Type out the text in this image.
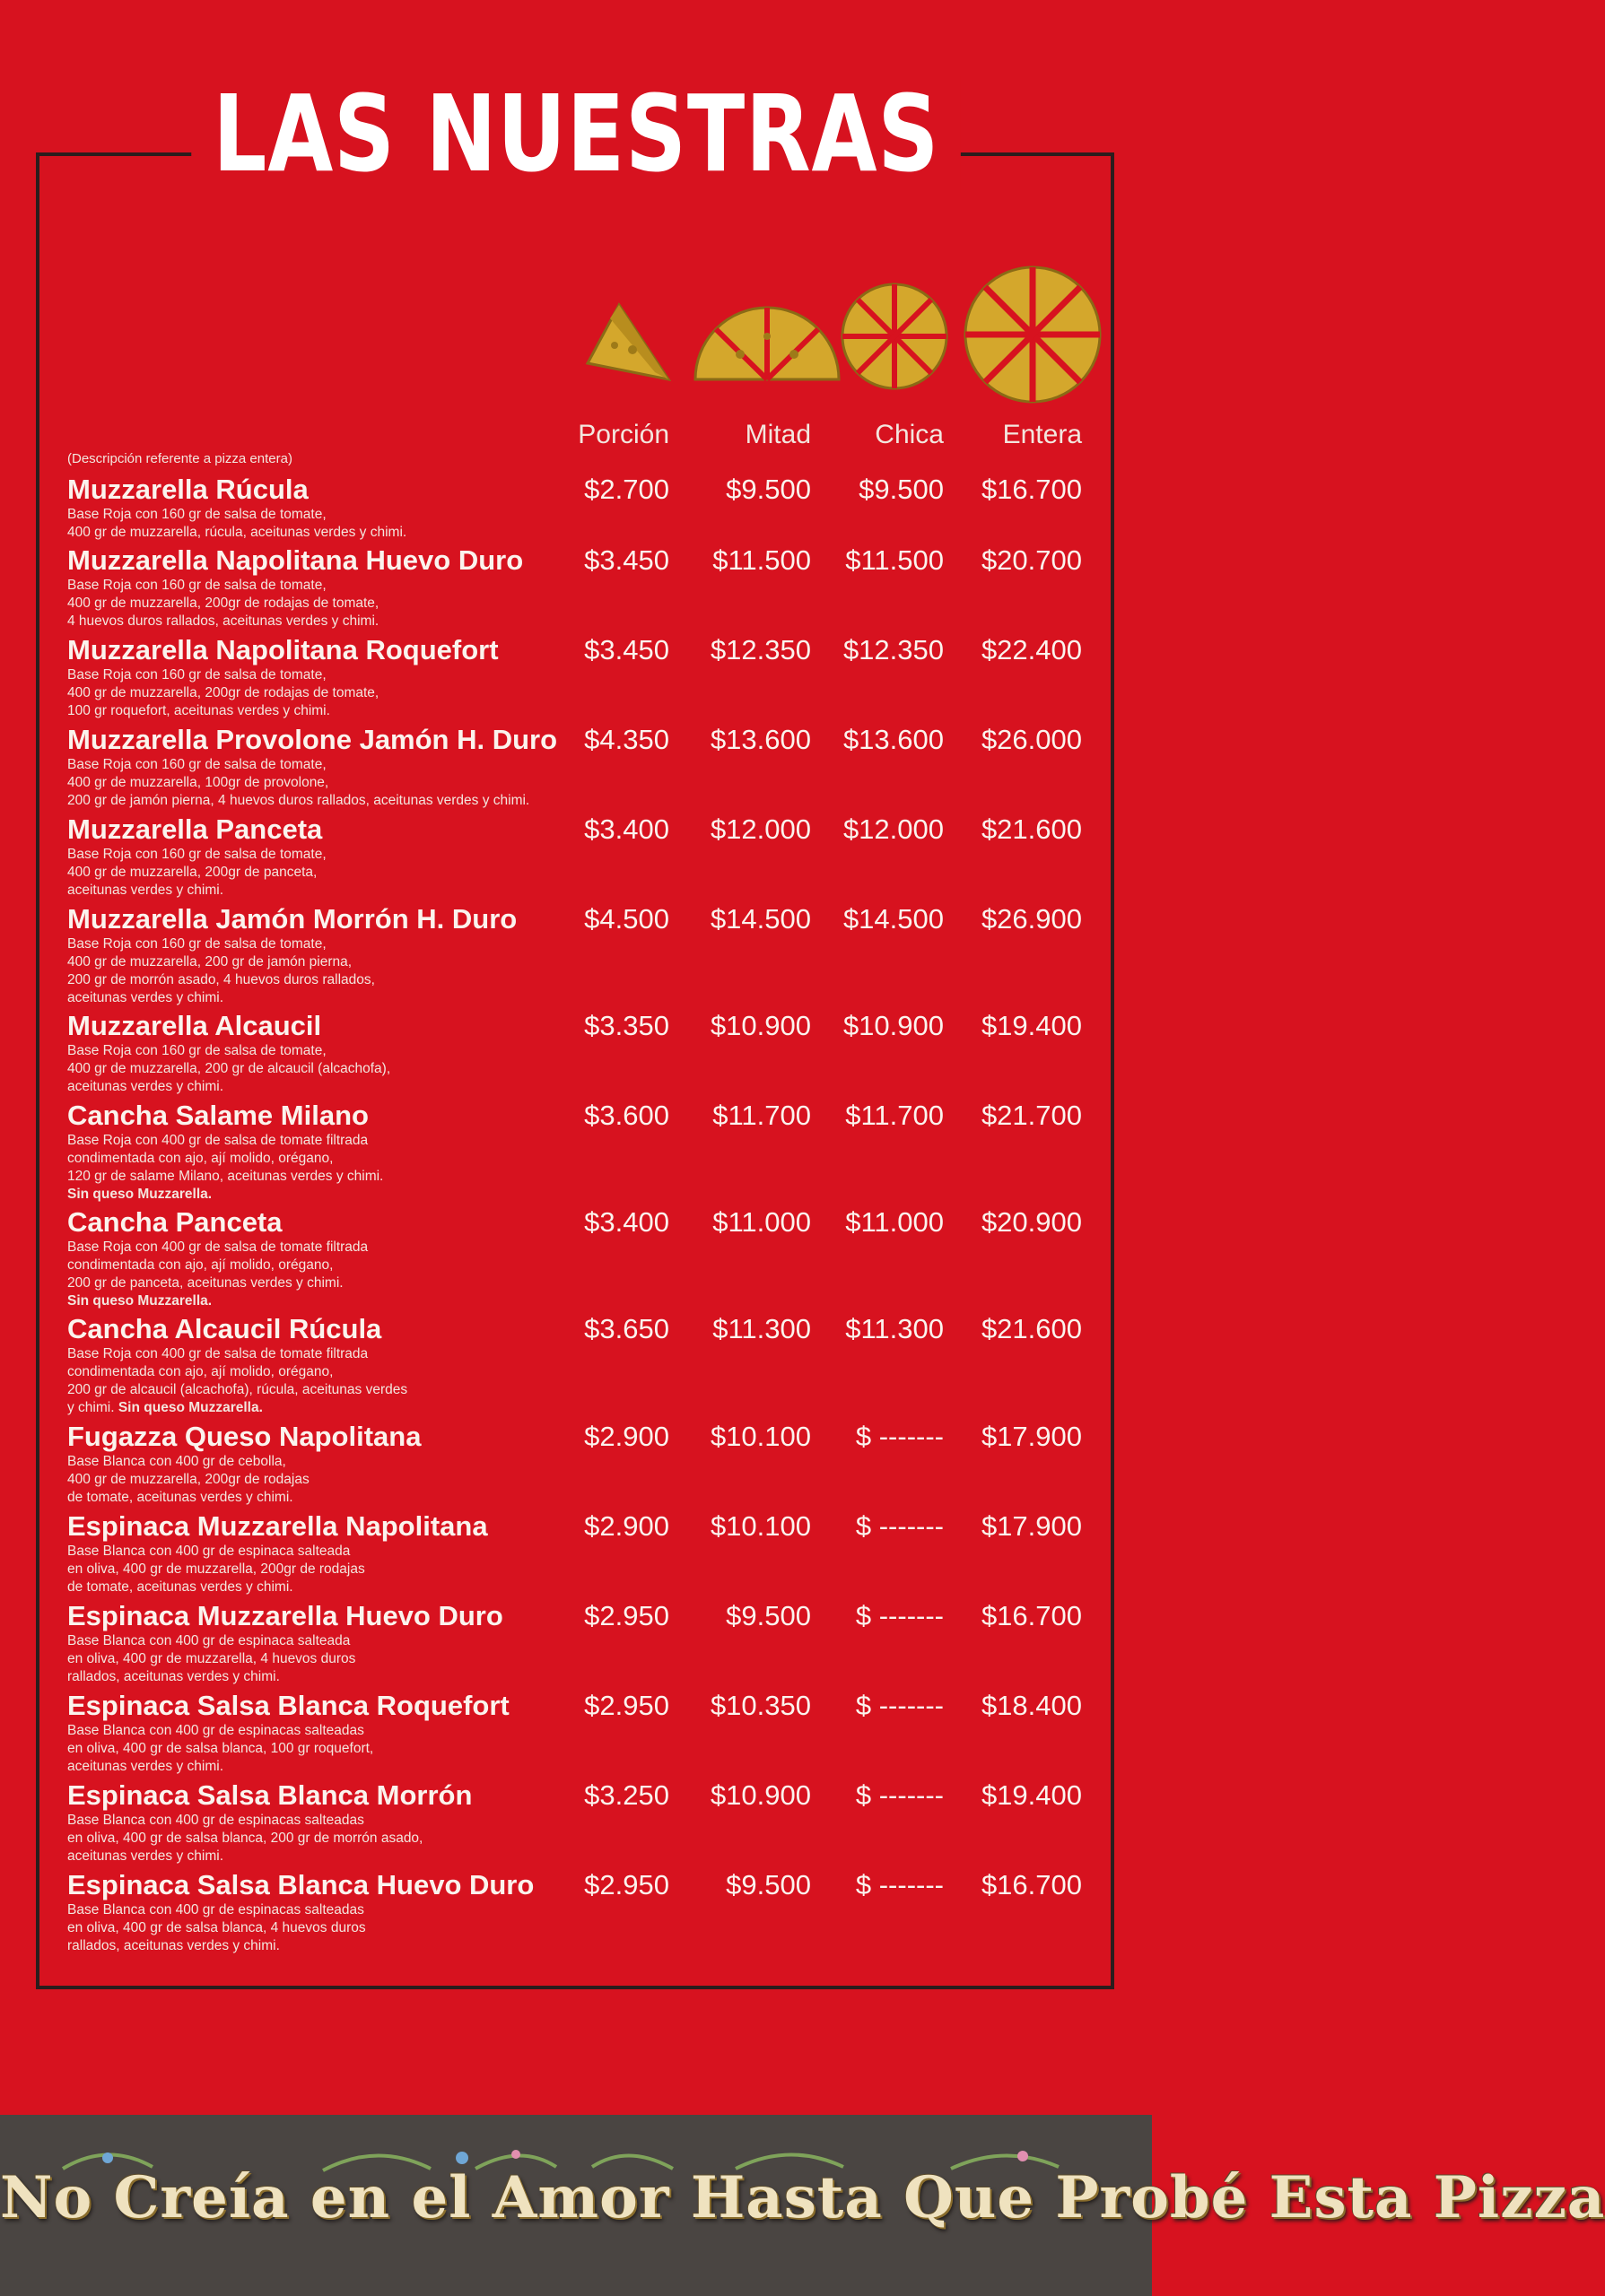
LAS NUESTRAS
Porción	Mitad	Chica	Entera
(Descripción referente a pizza entera)
Muzzarella Rúcula
Base Roja con 160 gr de salsa de tomate,
400 gr de muzzarella, rúcula, aceitunas verdes y chimi.
$2.700	$9.500	$9.500	$16.700
Muzzarella Napolitana Huevo Duro
Base Roja con 160 gr de salsa de tomate,
400 gr de muzzarella, 200gr de rodajas de tomate,
4 huevos duros rallados, aceitunas verdes y chimi.
$3.450	$11.500	$11.500	$20.700
Muzzarella Napolitana Roquefort
Base Roja con 160 gr de salsa de tomate,
400 gr de muzzarella, 200gr de rodajas de tomate,
100 gr roquefort, aceitunas verdes y chimi.
$3.450	$12.350	$12.350	$22.400
Muzzarella Provolone Jamón H. Duro
Base Roja con 160 gr de salsa de tomate,
400 gr de muzzarella, 100gr de provolone,
200 gr de jamón pierna, 4 huevos duros rallados, aceitunas verdes y chimi.
$4.350	$13.600	$13.600	$26.000
Muzzarella Panceta
Base Roja con 160 gr de salsa de tomate,
400 gr de muzzarella, 200gr de panceta,
aceitunas verdes y chimi.
$3.400	$12.000	$12.000	$21.600
Muzzarella Jamón Morrón H. Duro
Base Roja con 160 gr de salsa de tomate,
400 gr de muzzarella, 200 gr de jamón pierna,
200 gr de morrón asado, 4 huevos duros rallados,
aceitunas verdes y chimi.
$4.500	$14.500	$14.500	$26.900
Muzzarella Alcaucil
Base Roja con 160 gr de salsa de tomate,
400 gr de muzzarella, 200 gr de alcaucil (alcachofa),
aceitunas verdes y chimi.
$3.350	$10.900	$10.900	$19.400
Cancha Salame Milano
Base Roja con 400 gr de salsa de tomate filtrada
condimentada con ajo, ají molido, orégano,
120 gr de salame Milano, aceitunas verdes y chimi.
Sin queso Muzzarella.
$3.600	$11.700	$11.700	$21.700
Cancha Panceta
Base Roja con 400 gr de salsa de tomate filtrada
condimentada con ajo, ají molido, orégano,
200 gr de panceta, aceitunas verdes y chimi.
Sin queso Muzzarella.
$3.400	$11.000	$11.000	$20.900
Cancha Alcaucil Rúcula
Base Roja con 400 gr de salsa de tomate filtrada
condimentada con ajo, ají molido, orégano,
200 gr de alcaucil (alcachofa), rúcula, aceitunas verdes
y chimi. Sin queso Muzzarella.
$3.650	$11.300	$11.300	$21.600
Fugazza Queso Napolitana
Base Blanca con 400 gr de cebolla,
400 gr de muzzarella, 200gr de rodajas
de tomate, aceitunas verdes y chimi.
$2.900	$10.100	$ -------	$17.900
Espinaca Muzzarella Napolitana
Base Blanca con 400 gr de espinaca salteada
en oliva, 400 gr de muzzarella, 200gr de rodajas
de tomate, aceitunas verdes y chimi.
$2.900	$10.100	$ -------	$17.900
Espinaca Muzzarella Huevo Duro
Base Blanca con 400 gr de espinaca salteada
en oliva, 400 gr de muzzarella, 4 huevos duros
rallados, aceitunas verdes y chimi.
$2.950	$9.500	$ -------	$16.700
Espinaca Salsa Blanca Roquefort
Base Blanca con 400 gr de espinacas salteadas
en oliva, 400 gr de salsa blanca, 100 gr roquefort,
aceitunas verdes y chimi.
$2.950	$10.350	$ -------	$18.400
Espinaca Salsa Blanca Morrón
Base Blanca con 400 gr de espinacas salteadas
en oliva, 400 gr de salsa blanca, 200 gr de morrón asado,
aceitunas verdes y chimi.
$3.250	$10.900	$ -------	$19.400
Espinaca Salsa Blanca Huevo Duro
Base Blanca con 400 gr de espinacas salteadas
en oliva, 400 gr de salsa blanca, 4 huevos duros
rallados, aceitunas verdes y chimi.
$2.950	$9.500	$ -------	$16.700
No Creía en el Amor Hasta Que Probé Esta Pizza
